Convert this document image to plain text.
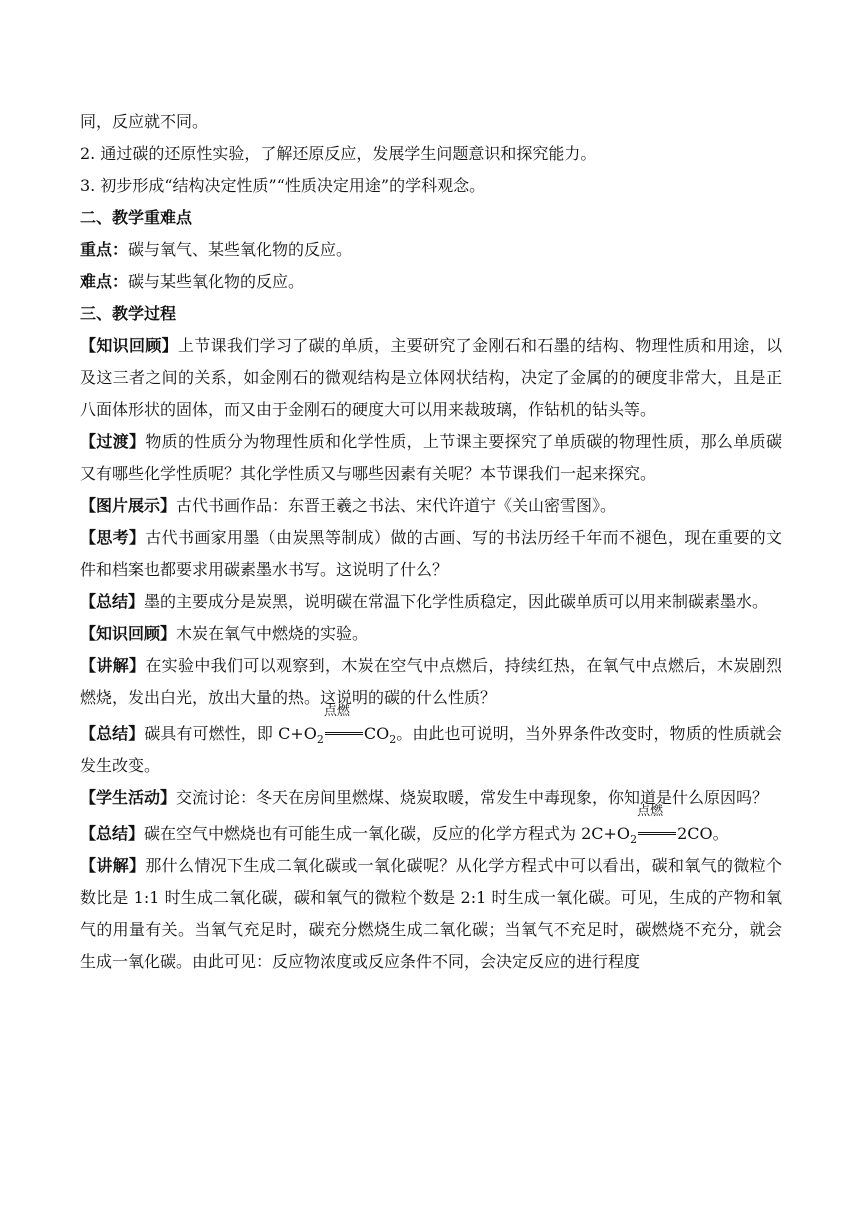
同，反应就不同。

2. 通过碳的还原性实验，了解还原反应，发展学生问题意识和探究能力。

3. 初步形成“结构决定性质”“性质决定用途”的学科观念。

二、教学重难点

重点：碳与氧气、某些氧化物的反应。

难点：碳与某些氧化物的反应。

三、教学过程

【知识回顾】上节课我们学习了碳的单质，主要研究了金刚石和石墨的结构、物理性质和用途，以及这三者之间的关系，如金刚石的微观结构是立体网状结构，决定了金属的的硬度非常大，且是正八面体形状的固体，而又由于金刚石的硬度大可以用来裁玻璃，作钻机的钻头等。

【过渡】物质的性质分为物理性质和化学性质，上节课主要探究了单质碳的物理性质，那么单质碳又有哪些化学性质呢？其化学性质又与哪些因素有关呢？本节课我们一起来探究。

【图片展示】古代书画作品：东晋王羲之书法、宋代许道宁《关山密雪图》。

【思考】古代书画家用墨（由炭黑等制成）做的古画、写的书法历经千年而不褪色，现在重要的文件和档案也都要求用碳素墨水书写。这说明了什么？

【总结】墨的主要成分是炭黑，说明碳在常温下化学性质稳定，因此碳单质可以用来制碳素墨水。

【知识回顾】木炭在氧气中燃烧的实验。

【讲解】在实验中我们可以观察到，木炭在空气中点燃后，持续红热，在氧气中点燃后，木炭剧烈燃烧，发出白光，放出大量的热。这说明的碳的什么性质？

【总结】碳具有可燃性，即 $C+O_2$
点燃
$CO_2$。由此也可说明，当外界条件改变时，物质的性质就会发生改变。

【学生活动】交流讨论：冬天在房间里燃煤、烧炭取暖，常发生中毒现象，你知道是什么原因吗？

【总结】碳在空气中燃烧也有可能生成一氧化碳，反应的化学方程式为 $2C+O_2$
点燃
2CO。

【讲解】那什么情况下生成二氧化碳或一氧化碳呢？从化学方程式中可以看出，碳和氧气的微粒个数比是 1:1 时生成二氧化碳，碳和氧气的微粒个数是 2:1 时生成一氧化碳。可见，生成的产物和氧气的用量有关。当氧气充足时，碳充分燃烧生成二氧化碳；当氧气不充足时，碳燃烧不充分，就会生成一氧化碳。由此可见：反应物浓度或反应条件不同，会决定反应的进行程度
